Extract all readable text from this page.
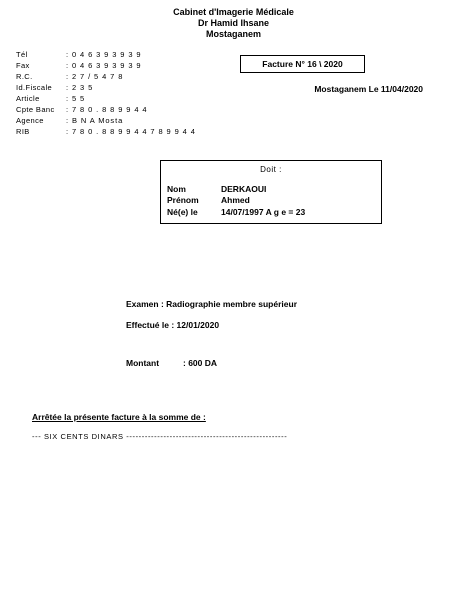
Cabinet d'Imagerie Médicale
Dr Hamid Ihsane
Mostaganem
Tél	: 0 4 6 3 9 3 9 3 9
Fax	: 0 4 6 3 9 3 9 3 9
R.C.	: 2 7 / 5 4 7 8
Id.Fiscale : 2 3 5
Article	: 5 5
Cpte Banc : 7 8 0 . 8 8 9 9 4 4
Agence	: B N A Mosta
RIB	: 7 8 0 . 8 8 9 9 4 4 7 8 9 9 4 4
Facture N° 16 \ 2020
Mostaganem Le 11/04/2020
Doit :
Nom	DERKAOUI
Prénom	Ahmed
Né(e) le	14/07/1997 A g e = 23
Examen : Radiographie membre supérieur
Effectué le : 12/01/2020
Montant	: 600 DA
Arrêtée la présente facture à la somme de :
--- SIX CENTS DINARS ----------------------------------------------------
